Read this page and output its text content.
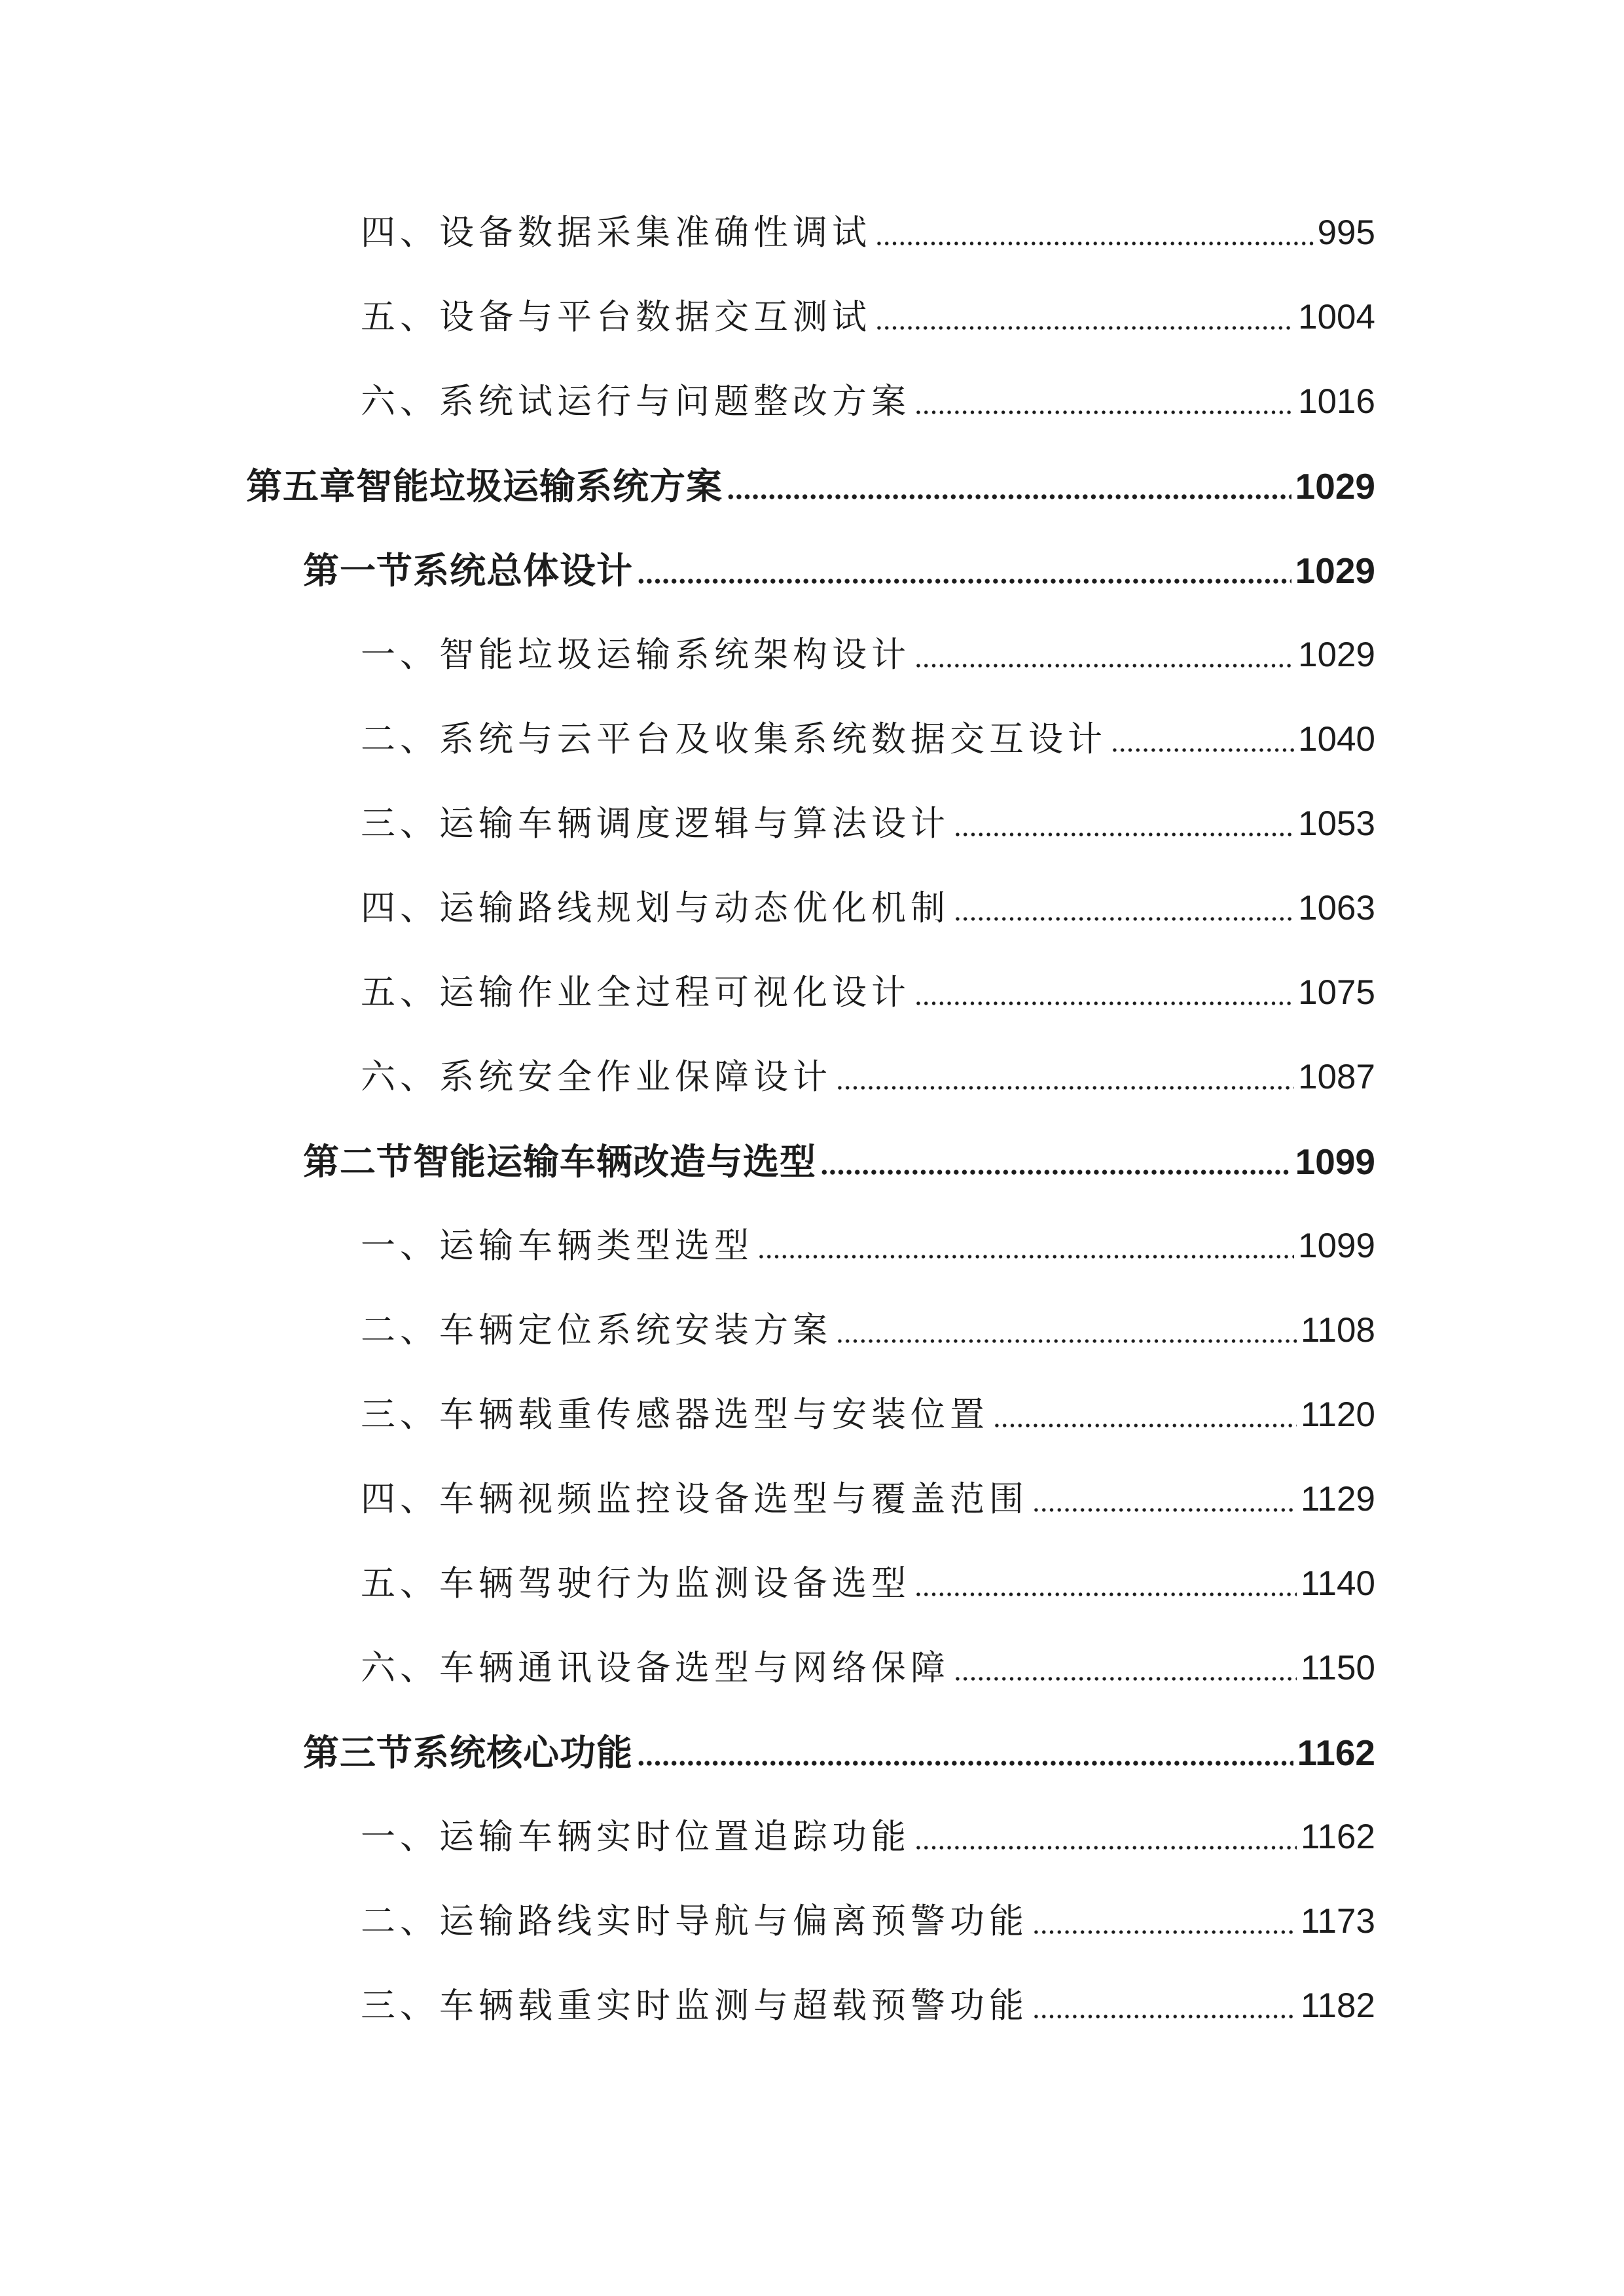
四、设备数据采集准确性调试	995
五、设备与平台数据交互测试	1004
六、系统试运行与问题整改方案	1016
第五章智能垃圾运输系统方案	1029
第一节系统总体设计	1029
一、智能垃圾运输系统架构设计	1029
二、系统与云平台及收集系统数据交互设计	1040
三、运输车辆调度逻辑与算法设计	1053
四、运输路线规划与动态优化机制	1063
五、运输作业全过程可视化设计	1075
六、系统安全作业保障设计	1087
第二节智能运输车辆改造与选型	1099
一、运输车辆类型选型	1099
二、车辆定位系统安装方案	1108
三、车辆载重传感器选型与安装位置	1120
四、车辆视频监控设备选型与覆盖范围	1129
五、车辆驾驶行为监测设备选型	1140
六、车辆通讯设备选型与网络保障	1150
第三节系统核心功能	1162
一、运输车辆实时位置追踪功能	1162
二、运输路线实时导航与偏离预警功能	1173
三、车辆载重实时监测与超载预警功能	1182
